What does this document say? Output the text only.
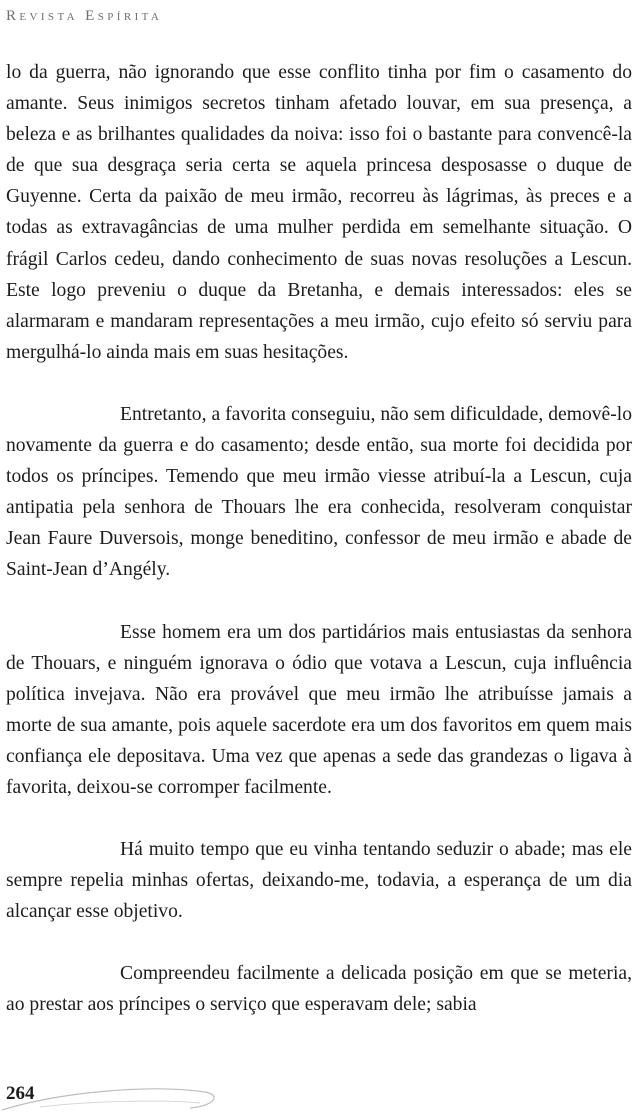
Revista Espírita

lo da guerra, não ignorando que esse conflito tinha por fim o casamento do amante. Seus inimigos secretos tinham afetado louvar, em sua presença, a beleza e as brilhantes qualidades da noiva: isso foi o bastante para convencê-la de que sua desgraça seria certa se aquela princesa desposasse o duque de Guyenne. Certa da paixão de meu irmão, recorreu às lágrimas, às preces e a todas as extravagâncias de uma mulher perdida em semelhante situação. O frágil Carlos cedeu, dando conhecimento de suas novas resoluções a Lescun. Este logo preveniu o duque da Bretanha, e demais interessados: eles se alarmaram e mandaram representações a meu irmão, cujo efeito só serviu para mergulhá-lo ainda mais em suas hesitações.

Entretanto, a favorita conseguiu, não sem dificuldade, demovê-lo novamente da guerra e do casamento; desde então, sua morte foi decidida por todos os príncipes. Temendo que meu irmão viesse atribuí-la a Lescun, cuja antipatia pela senhora de Thouars lhe era conhecida, resolveram conquistar Jean Faure Duversois, monge beneditino, confessor de meu irmão e abade de Saint-Jean d’Angély.

Esse homem era um dos partidários mais entusiastas da senhora de Thouars, e ninguém ignorava o ódio que votava a Lescun, cuja influência política invejava. Não era provável que meu irmão lhe atribuísse jamais a morte de sua amante, pois aquele sacerdote era um dos favoritos em quem mais confiança ele depositava. Uma vez que apenas a sede das grandezas o ligava à favorita, deixou-se corromper facilmente.

Há muito tempo que eu vinha tentando seduzir o abade; mas ele sempre repelia minhas ofertas, deixando-me, todavia, a esperança de um dia alcançar esse objetivo.

Compreendeu facilmente a delicada posição em que se meteria, ao prestar aos príncipes o serviço que esperavam dele; sabia

264
